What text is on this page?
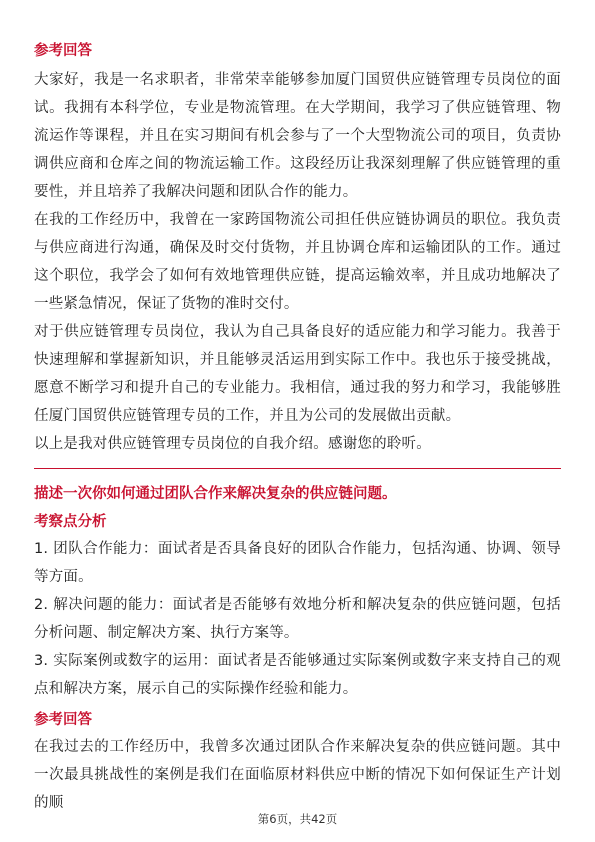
参考回答

大家好，我是一名求职者，非常荣幸能够参加厦门国贸供应链管理专员岗位的面试。我拥有本科学位，专业是物流管理。在大学期间，我学习了供应链管理、物流运作等课程，并且在实习期间有机会参与了一个大型物流公司的项目，负责协调供应商和仓库之间的物流运输工作。这段经历让我深刻理解了供应链管理的重要性，并且培养了我解决问题和团队合作的能力。

在我的工作经历中，我曾在一家跨国物流公司担任供应链协调员的职位。我负责与供应商进行沟通，确保及时交付货物，并且协调仓库和运输团队的工作。通过这个职位，我学会了如何有效地管理供应链，提高运输效率，并且成功地解决了一些紧急情况，保证了货物的准时交付。

对于供应链管理专员岗位，我认为自己具备良好的适应能力和学习能力。我善于快速理解和掌握新知识，并且能够灵活运用到实际工作中。我也乐于接受挑战，愿意不断学习和提升自己的专业能力。我相信，通过我的努力和学习，我能够胜任厦门国贸供应链管理专员的工作，并且为公司的发展做出贡献。

以上是我对供应链管理专员岗位的自我介绍。感谢您的聆听。

描述一次你如何通过团队合作来解决复杂的供应链问题。

考察点分析

1. 团队合作能力：面试者是否具备良好的团队合作能力，包括沟通、协调、领导等方面。

2. 解决问题的能力：面试者是否能够有效地分析和解决复杂的供应链问题，包括分析问题、制定解决方案、执行方案等。

3. 实际案例或数字的运用：面试者是否能够通过实际案例或数字来支持自己的观点和解决方案，展示自己的实际操作经验和能力。

参考回答

在我过去的工作经历中，我曾多次通过团队合作来解决复杂的供应链问题。其中一次最具挑战性的案例是我们在面临原材料供应中断的情况下如何保证生产计划的顺

第6页，共42页
